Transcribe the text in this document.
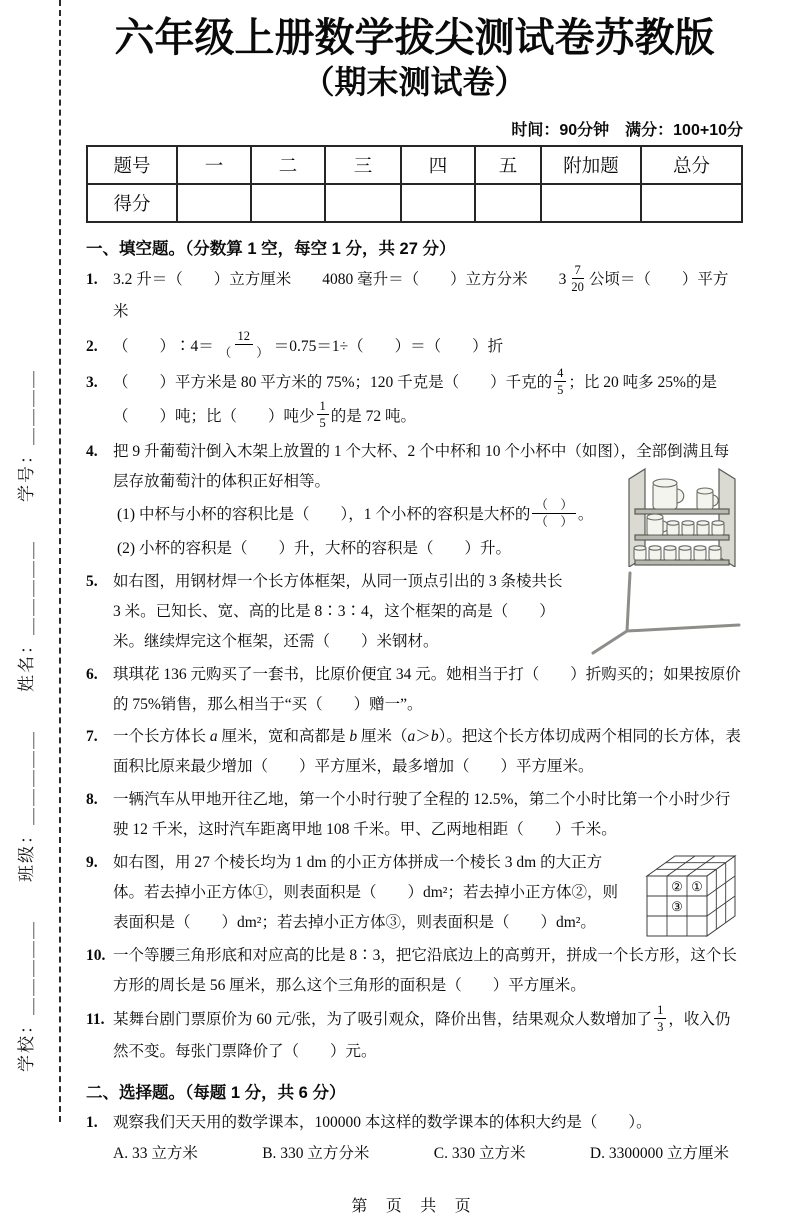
学校：＿＿＿＿＿　　班级：＿＿＿＿＿　　姓名：＿＿＿＿＿　　学号：＿＿＿＿
六年级上册数学拔尖测试卷苏教版
（期末测试卷）
时间：90分钟　满分：100+10分
题号	一	二	三	四	五	附加题	总分
得分							
一、填空题。（分数算 1 空，每空 1 分，共 27 分）
1. 3.2 升＝（　　）立方厘米　　4080 毫升＝（　　）立方分米　　$3 \frac{7}{20}$ 公顷＝（　　）平方米
2. （　　）∶4＝ $\frac{12}{( )} =0.75=1\div$（　　）＝（　　）折
3. （　　）平方米是 80 平方米的 75%；120 千克是（　　）千克的 $\frac{4}{5}$ ；比 20 吨多 25%的是（　　）吨；比（　　）吨少 $\frac{1}{5}$ 的是 72 吨。
4. 把 9 升葡萄汁倒入木架上放置的 1 个大杯、2 个中杯和 10 个小杯中（如图），全部倒满且每层存放葡萄汁的体积正好相等。
(1) 中杯与小杯的容积比是（　　），1 个小杯的容积是大杯的 $\frac{( )}{( )}$ 。
(2) 小杯的容积是（　　）升，大杯的容积是（　　）升。
5. 如右图，用钢材焊一个长方体框架，从同一顶点引出的 3 条棱共长 3 米。已知长、宽、高的比是 8∶3∶4，这个框架的高是（　　）米。继续焊完这个框架，还需（　　）米钢材。
6. 琪琪花 136 元购买了一套书，比原价便宜 34 元。她相当于打（　　）折购买的；如果按原价的 75%销售，那么相当于“买（　　）赠一”。
7. 一个长方体长 a 厘米，宽和高都是 b 厘米（a＞b）。把这个长方体切成两个相同的长方体，表面积比原来最少增加（　　）平方厘米，最多增加（　　）平方厘米。
8. 一辆汽车从甲地开往乙地，第一个小时行驶了全程的 12.5%，第二个小时比第一个小时少行驶 12 千米，这时汽车距离甲地 108 千米。甲、乙两地相距（　　）千米。
② ①
③
9. 如右图，用 27 个棱长均为 1 dm 的小正方体拼成一个棱长 3 dm 的大正方体。若去掉小正方体①，则表面积是（　　）dm²；若去掉小正方体②，则表面积是（　　）dm²；若去掉小正方体③，则表面积是（　　）dm²。
10. 一个等腰三角形底和对应高的比是 8∶3，把它沿底边上的高剪开，拼成一个长方形，这个长方形的周长是 56 厘米，那么这个三角形的面积是（　　）平方厘米。
11. 某舞台剧门票原价为 60 元/张，为了吸引观众，降价出售，结果观众人数增加了 $\frac{1}{3}$ ，收入仍然不变。每张门票降价了（　　）元。
二、选择题。（每题 1 分，共 6 分）
1. 观察我们天天用的数学课本，100000 本这样的数学课本的体积大约是（　　）。
A. 33 立方米	B. 330 立方分米	C. 330 立方米	D. 3300000 立方厘米
第 页 共 页
